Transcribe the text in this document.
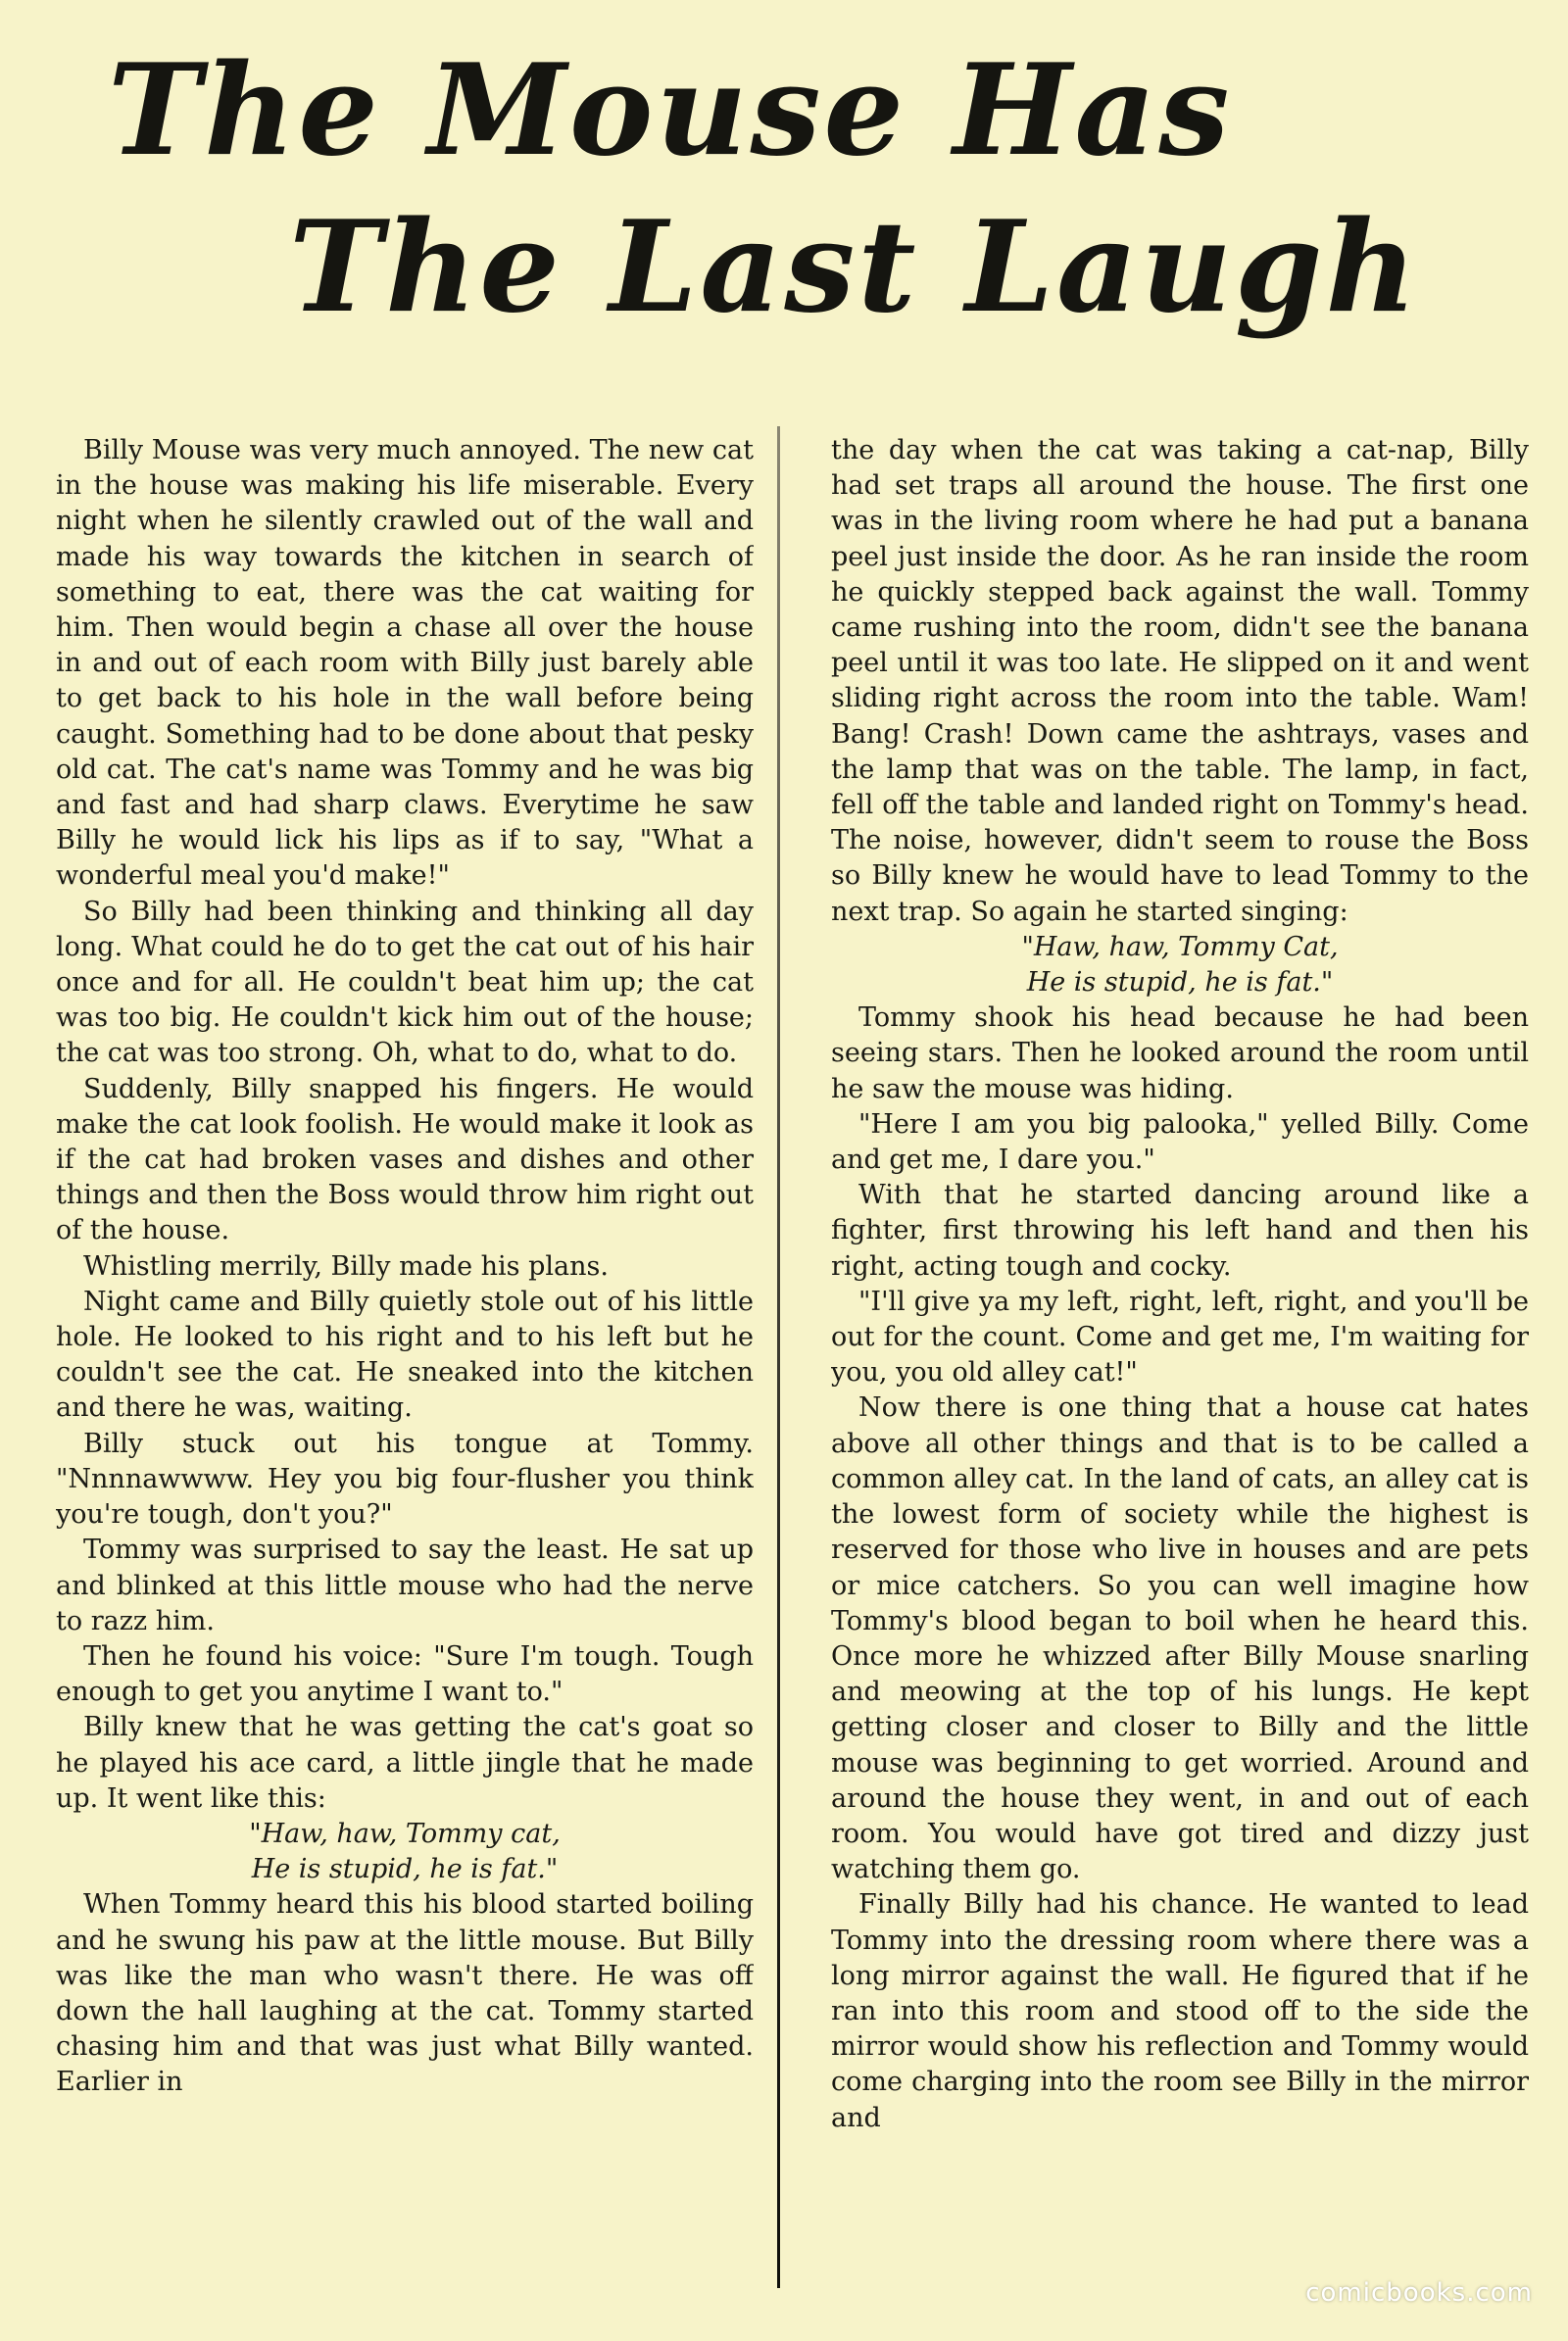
The Mouse Has
The Last Laugh

Billy Mouse was very much annoyed. The new cat in the house was making his life miserable. Every night when he silently crawled out of the wall and made his way towards the kitchen in search of something to eat, there was the cat waiting for him. Then would begin a chase all over the house in and out of each room with Billy just barely able to get back to his hole in the wall before being caught. Something had to be done about that pesky old cat. The cat's name was Tommy and he was big and fast and had sharp claws. Everytime he saw Billy he would lick his lips as if to say, "What a wonderful meal you'd make!"

So Billy had been thinking and thinking all day long. What could he do to get the cat out of his hair once and for all. He couldn't beat him up; the cat was too big. He couldn't kick him out of the house; the cat was too strong. Oh, what to do, what to do.

Suddenly, Billy snapped his fingers. He would make the cat look foolish. He would make it look as if the cat had broken vases and dishes and other things and then the Boss would throw him right out of the house.

Whistling merrily, Billy made his plans.

Night came and Billy quietly stole out of his little hole. He looked to his right and to his left but he couldn't see the cat. He sneaked into the kitchen and there he was, waiting.

Billy stuck out his tongue at Tommy. "Nnnnawwww. Hey you big four-flusher you think you're tough, don't you?"

Tommy was surprised to say the least. He sat up and blinked at this little mouse who had the nerve to razz him.

Then he found his voice: "Sure I'm tough. Tough enough to get you anytime I want to."

Billy knew that he was getting the cat's goat so he played his ace card, a little jingle that he made up. It went like this:

"Haw, haw, Tommy cat,

He is stupid, he is fat."

When Tommy heard this his blood started boiling and he swung his paw at the little mouse. But Billy was like the man who wasn't there. He was off down the hall laughing at the cat. Tommy started chasing him and that was just what Billy wanted. Earlier in

the day when the cat was taking a cat-nap, Billy had set traps all around the house. The first one was in the living room where he had put a banana peel just inside the door. As he ran inside the room he quickly stepped back against the wall. Tommy came rushing into the room, didn't see the banana peel until it was too late. He slipped on it and went sliding right across the room into the table. Wam! Bang! Crash! Down came the ashtrays, vases and the lamp that was on the table. The lamp, in fact, fell off the table and landed right on Tommy's head. The noise, however, didn't seem to rouse the Boss so Billy knew he would have to lead Tommy to the next trap. So again he started singing:

"Haw, haw, Tommy Cat,

He is stupid, he is fat."

Tommy shook his head because he had been seeing stars. Then he looked around the room until he saw the mouse was hiding.

"Here I am you big palooka," yelled Billy. Come and get me, I dare you."

With that he started dancing around like a fighter, first throwing his left hand and then his right, acting tough and cocky.

"I'll give ya my left, right, left, right, and you'll be out for the count. Come and get me, I'm waiting for you, you old alley cat!"

Now there is one thing that a house cat hates above all other things and that is to be called a common alley cat. In the land of cats, an alley cat is the lowest form of society while the highest is reserved for those who live in houses and are pets or mice catchers. So you can well imagine how Tommy's blood began to boil when he heard this. Once more he whizzed after Billy Mouse snarling and meowing at the top of his lungs. He kept getting closer and closer to Billy and the little mouse was beginning to get worried. Around and around the house they went, in and out of each room. You would have got tired and dizzy just watching them go.

Finally Billy had his chance. He wanted to lead Tommy into the dressing room where there was a long mirror against the wall. He figured that if he ran into this room and stood off to the side the mirror would show his reflection and Tommy would come charging into the room see Billy in the mirror and

comicbooks.com
